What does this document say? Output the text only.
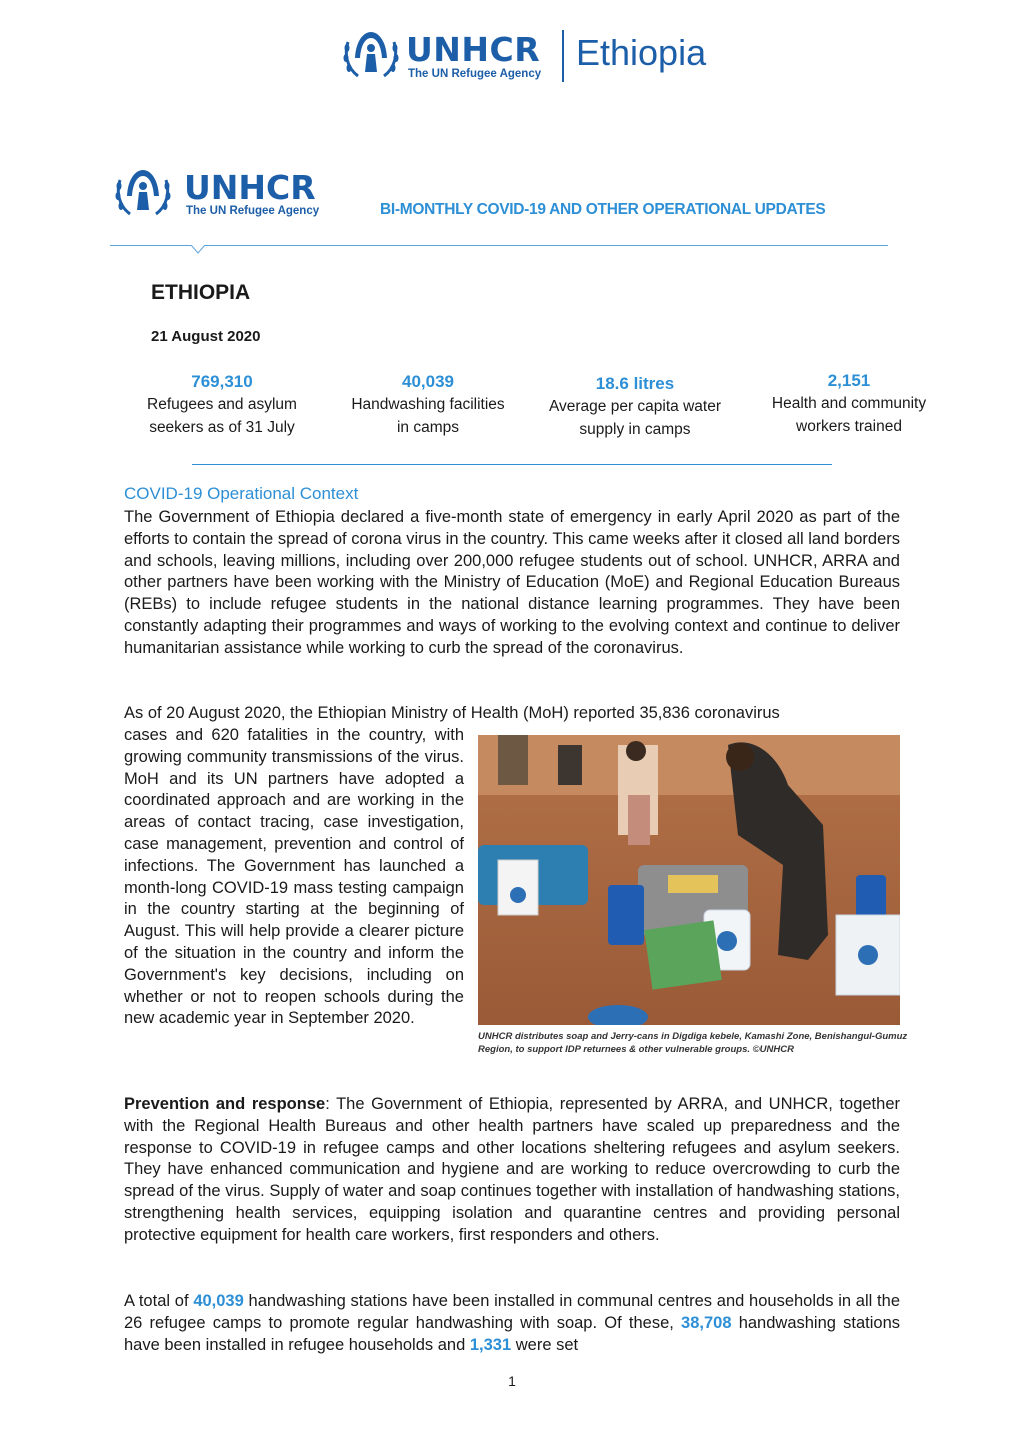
UNHCR
The UN Refugee Agency
Ethiopia
UNHCR
The UN Refugee Agency	BI-MONTHLY COVID-19 AND OTHER OPERATIONAL UPDATES
ETHIOPIA
21 August 2020
769,310
Refugees and asylum
seekers as of 31 July
40,039
Handwashing facilities
in camps
18.6 litres
Average per capita water
supply in camps
2,151
Health and community
workers trained
COVID-19 Operational Context
The Government of Ethiopia declared a five-month state of emergency in early April 2020 as part of the efforts to contain the spread of corona virus in the country. This came weeks after it closed all land borders and schools, leaving millions, including over 200,000 refugee students out of school. UNHCR, ARRA and other partners have been working with the Ministry of Education (MoE) and Regional Education Bureaus (REBs) to include refugee students in the national distance learning programmes. They have been constantly adapting their programmes and ways of working to the evolving context and continue to deliver humanitarian assistance while working to curb the spread of the coronavirus.
As of 20 August 2020, the Ethiopian Ministry of Health (MoH) reported 35,836 coronavirus
cases and 620 fatalities in the country, with growing community transmissions of the virus. MoH and its UN partners have adopted a coordinated approach and are working in the areas of contact tracing, case investigation, case management, prevention and control of infections. The Government has launched a month-long COVID-19 mass testing campaign in the country starting at the beginning of August. This will help provide a clearer picture of the situation in the country and inform the Government's key decisions, including on whether or not to reopen schools during the new academic year in September 2020.
UNHCR distributes soap and Jerry-cans in Digdiga kebele, Kamashi Zone, Benishangul-Gumuz Region, to support IDP returnees & other vulnerable groups. ©UNHCR
Prevention and response: The Government of Ethiopia, represented by ARRA, and UNHCR, together with the Regional Health Bureaus and other health partners have scaled up preparedness and the response to COVID-19 in refugee camps and other locations sheltering refugees and asylum seekers. They have enhanced communication and hygiene and are working to reduce overcrowding to curb the spread of the virus. Supply of water and soap continues together with installation of handwashing stations, strengthening health services, equipping isolation and quarantine centres and providing personal protective equipment for health care workers, first responders and others.
A total of 40,039 handwashing stations have been installed in communal centres and households in all the 26 refugee camps to promote regular handwashing with soap. Of these, 38,708 handwashing stations have been installed in refugee households and 1,331 were set
1
